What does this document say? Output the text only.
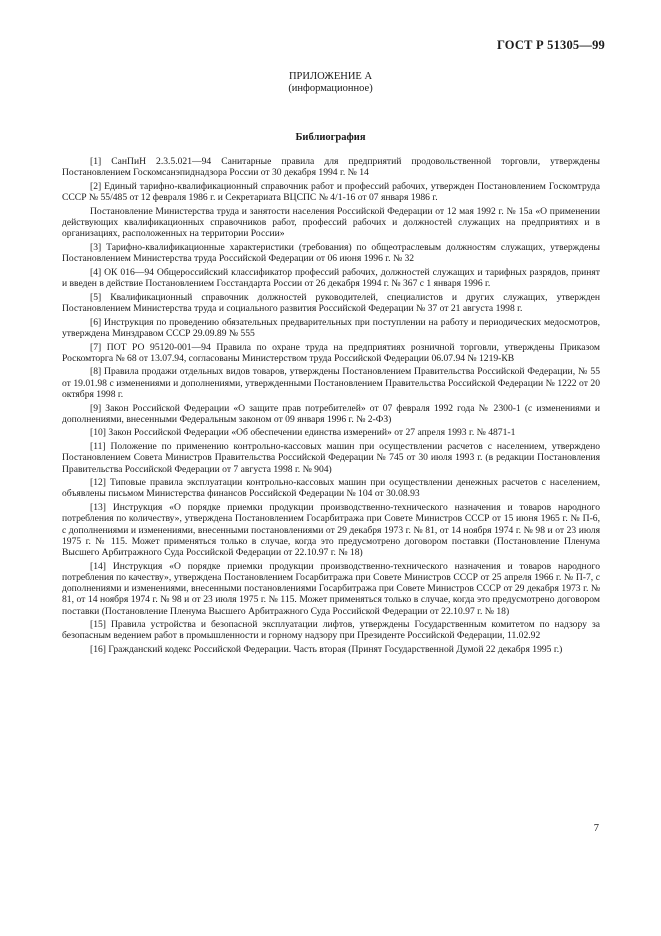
ГОСТ Р 51305—99
ПРИЛОЖЕНИЕ А
(информационное)
Библиография

[1] СанПиН 2.3.5.021—94 Санитарные правила для предприятий продовольственной торговли, утверждены Постановлением Госкомсанэпиднадзора России от 30 декабря 1994 г. № 14

[2] Единый тарифно-квалификационный справочник работ и профессий рабочих, утвержден Постановлением Госкомтруда СССР № 55/485 от 12 февраля 1986 г. и Секретариата ВЦСПС № 4/1-16 от 07 января 1986 г.

Постановление Министерства труда и занятости населения Российской Федерации от 12 мая 1992 г. № 15а «О применении действующих квалификационных справочников работ, профессий рабочих и должностей служащих на предприятиях и в организациях, расположенных на территории России»

[3] Тарифно-квалификационные характеристики (требования) по общеотраслевым должностям служащих, утверждены Постановлением Министерства труда Российской Федерации от 06 июня 1996 г. № 32

[4] ОК 016—94 Общероссийский классификатор профессий рабочих, должностей служащих и тарифных разрядов, принят и введен в действие Постановлением Госстандарта России от 26 декабря 1994 г. № 367 с 1 января 1996 г.

[5] Квалификационный справочник должностей руководителей, специалистов и других служащих, утвержден Постановлением Министерства труда и социального развития Российской Федерации № 37 от 21 августа 1998 г.

[6] Инструкция по проведению обязательных предварительных при поступлении на работу и периодических медосмотров, утверждена Минздравом СССР 29.09.89 № 555

[7] ПОТ РО 95120-001—94 Правила по охране труда на предприятиях розничной торговли, утверждены Приказом Роскомторга № 68 от 13.07.94, согласованы Министерством труда Российской Федерации 06.07.94 № 1219-КВ

[8] Правила продажи отдельных видов товаров, утверждены Постановлением Правительства Российской Федерации, № 55 от 19.01.98 с изменениями и дополнениями, утвержденными Постановлением Правительства Российской Федерации № 1222 от 20 октября 1998 г.

[9] Закон Российской Федерации «О защите прав потребителей» от 07 февраля 1992 года № 2300-1 (с изменениями и дополнениями, внесенными Федеральным законом от 09 января 1996 г. № 2-ФЗ)

[10] Закон Российской Федерации «Об обеспечении единства измерений» от 27 апреля 1993 г. № 4871-1

[11] Положение по применению контрольно-кассовых машин при осуществлении расчетов с населением, утверждено Постановлением Совета Министров Правительства Российской Федерации № 745 от 30 июля 1993 г. (в редакции Постановления Правительства Российской Федерации от 7 августа 1998 г. № 904)

[12] Типовые правила эксплуатации контрольно-кассовых машин при осуществлении денежных расчетов с населением, объявлены письмом Министерства финансов Российской Федерации № 104 от 30.08.93

[13] Инструкция «О порядке приемки продукции производственно-технического назначения и товаров народного потребления по количеству», утверждена Постановлением Госарбитража при Совете Министров СССР от 15 июня 1965 г. № П-6, с дополнениями и изменениями, внесенными постановлениями от 29 декабря 1973 г. № 81, от 14 ноября 1974 г. № 98 и от 23 июля 1975 г. № 115. Может применяться только в случае, когда это предусмотрено договором поставки (Постановление Пленума Высшего Арбитражного Суда Российской Федерации от 22.10.97 г. № 18)

[14] Инструкция «О порядке приемки продукции производственно-технического назначения и товаров народного потребления по качеству», утверждена Постановлением Госарбитража при Совете Министров СССР от 25 апреля 1966 г. № П-7, с дополнениями и изменениями, внесенными постановлениями Госарбитража при Совете Министров СССР от 29 декабря 1973 г. № 81, от 14 ноября 1974 г. № 98 и от 23 июля 1975 г. № 115. Может применяться только в случае, когда это предусмотрено договором поставки (Постановление Пленума Высшего Арбитражного Суда Российской Федерации от 22.10.97 г. № 18)

[15] Правила устройства и безопасной эксплуатации лифтов, утверждены Государственным комитетом по надзору за безопасным ведением работ в промышленности и горному надзору при Президенте Российской Федерации, 11.02.92

[16] Гражданский кодекс Российской Федерации. Часть вторая (Принят Государственной Думой 22 декабря 1995 г.)

7
